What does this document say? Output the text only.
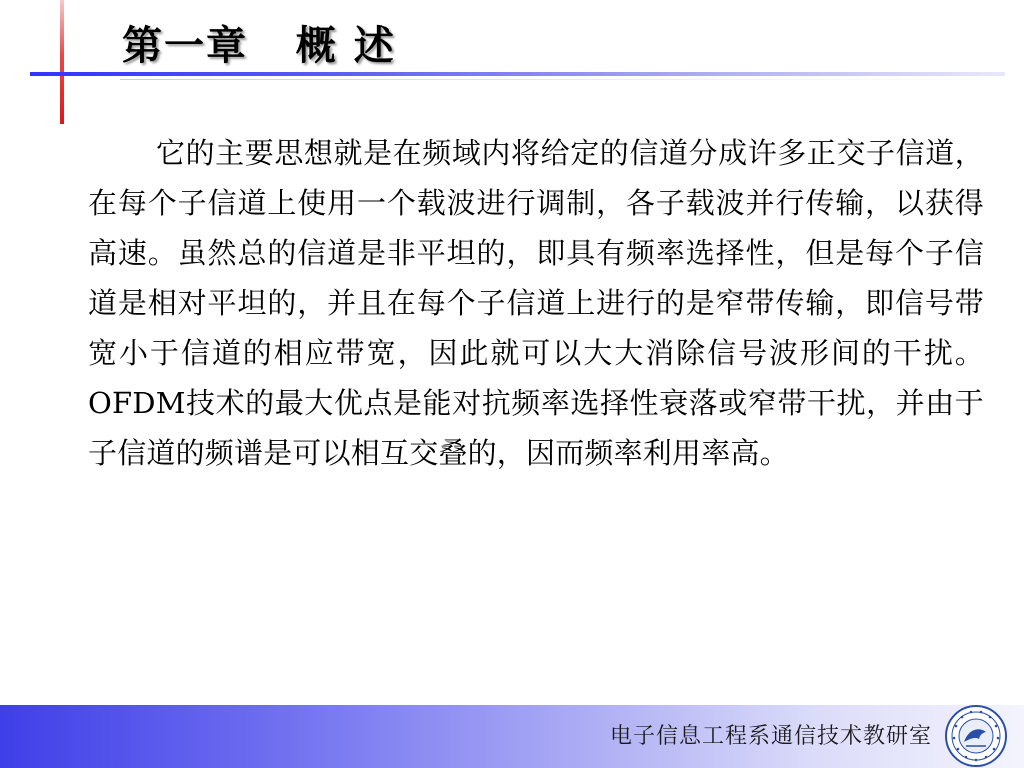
第一章   概 述

它的主要思想就是在频域内将给定的信道分成许多正交子信道，在每个子信道上使用一个载波进行调制，各子载波并行传输，以获得高速。虽然总的信道是非平坦的，即具有频率选择性，但是每个子信道是相对平坦的，并且在每个子信道上进行的是窄带传输，即信号带宽小于信道的相应带宽，因此就可以大大消除信号波形间的干扰。OFDM技术的最大优点是能对抗频率选择性衰落或窄带干扰，并由于子信道的频谱是可以相互交叠的，因而频率利用率高。

电子信息工程系通信技术教研室
